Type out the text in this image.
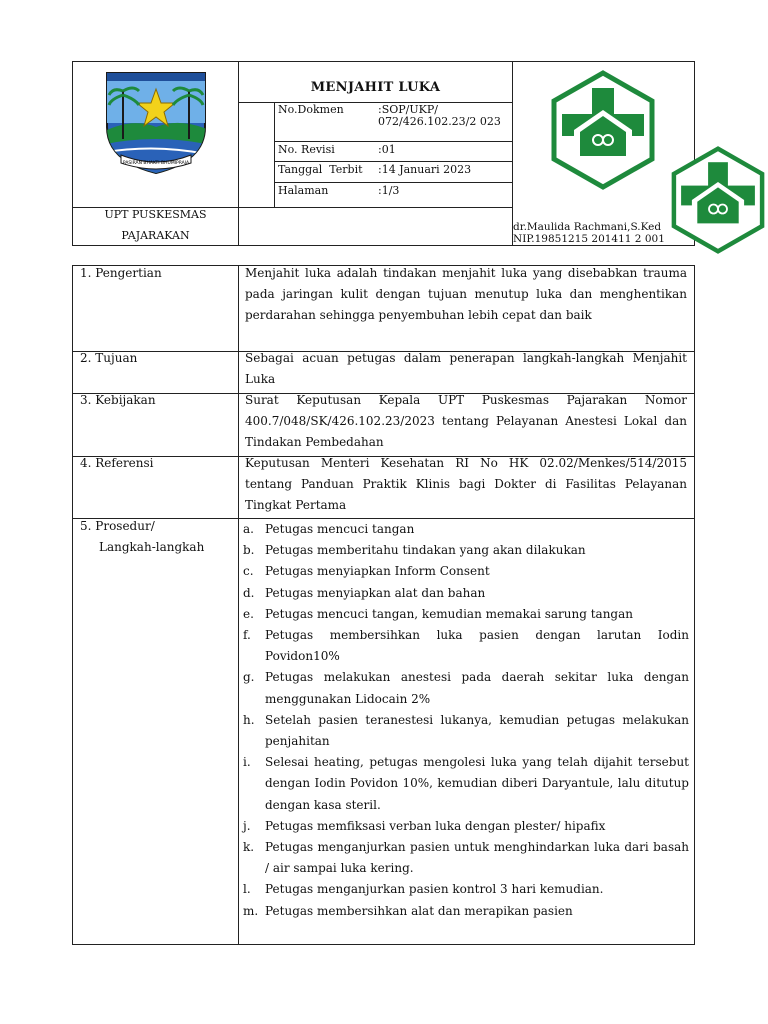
PASIRAN BHAKTI BHUMIPRAJA
MENJAHIT LUKA
No.Dokmen	:SOP/UKP/ 072/426.102.23/2 023
No. Revisi	:01
Tanggal  Terbit :14 Januari 2023
Halaman	:1/3
UPT PUSKESMAS
PAJARAKAN
dr.Maulida Rachmani,S.Ked
NIP.19851215 201411 2 001
1. Pengertian	Menjahit luka adalah tindakan menjahit luka yang disebabkan trauma pada jaringan kulit dengan tujuan menutup luka dan menghentikan perdarahan sehingga penyembuhan lebih cepat dan baik
2. Tujuan	Sebagai acuan petugas dalam penerapan langkah-langkah Menjahit Luka
3. Kebijakan	Surat Keputusan Kepala UPT Puskesmas Pajarakan Nomor 400.7/048/SK/426.102.23/2023 tentang Pelayanan Anestesi Lokal dan Tindakan Pembedahan
4. Referensi	Keputusan Menteri Kesehatan RI No HK 02.02/Menkes/514/2015 tentang Panduan Praktik Klinis bagi Dokter di Fasilitas Pelayanan Tingkat Pertama
5. Prosedur/
Langkah-langkah
a. Petugas mencuci tangan
b. Petugas memberitahu tindakan yang akan dilakukan
c. Petugas menyiapkan Inform Consent
d. Petugas menyiapkan alat dan bahan
e. Petugas mencuci tangan, kemudian memakai sarung tangan
f. Petugas membersihkan luka pasien dengan larutan Iodin Povidon10%
g. Petugas melakukan anestesi pada daerah sekitar luka dengan menggunakan Lidocain 2%
h. Setelah pasien teranestesi lukanya, kemudian petugas melakukan penjahitan
i. Selesai heating, petugas mengolesi luka yang telah dijahit tersebut dengan Iodin Povidon 10%, kemudian diberi Daryantule, lalu ditutup dengan kasa steril.
j. Petugas memfiksasi verban luka dengan plester/ hipafix
k. Petugas menganjurkan pasien untuk menghindarkan luka dari basah / air sampai luka kering.
l. Petugas menganjurkan pasien kontrol 3 hari kemudian.
m. Petugas membersihkan alat dan merapikan pasien
